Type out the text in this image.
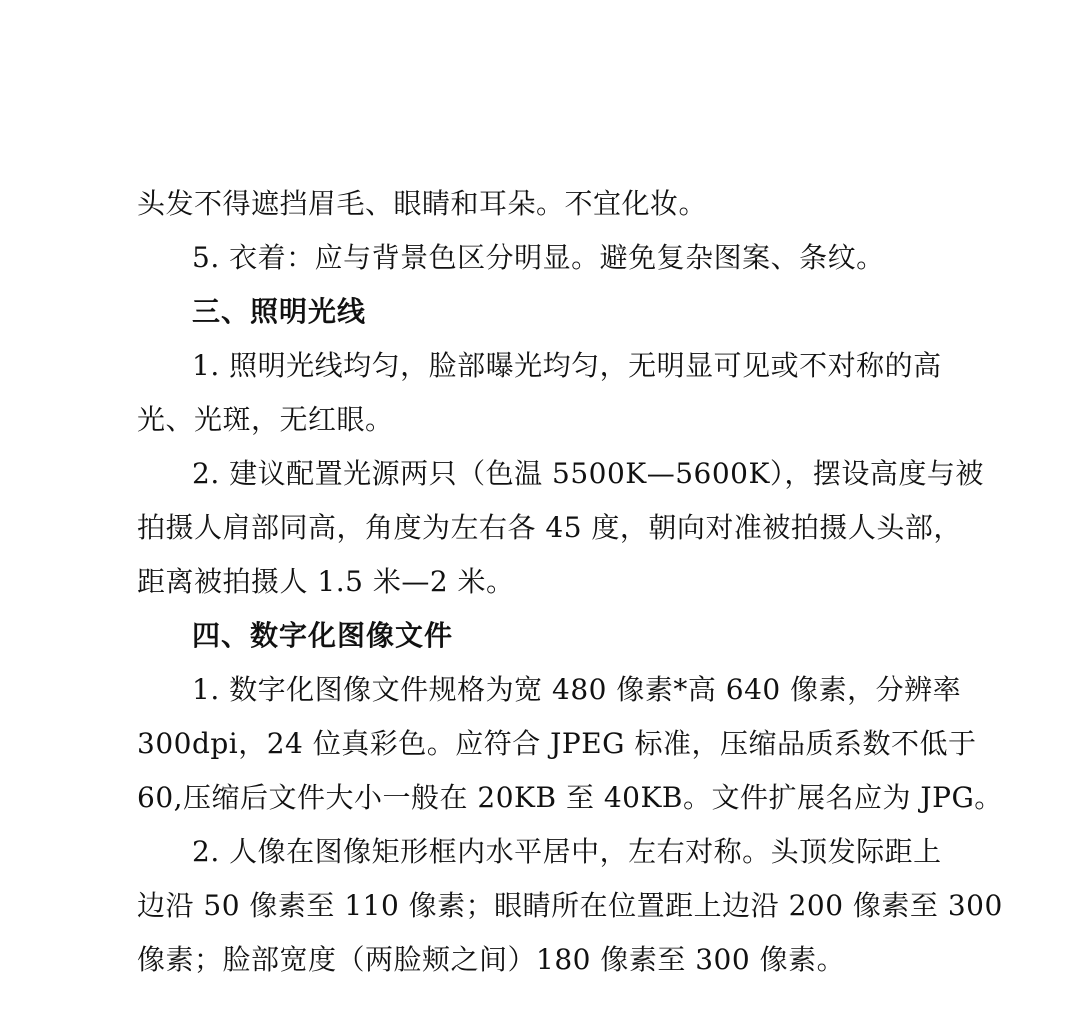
头发不得遮挡眉毛、眼睛和耳朵。不宜化妆。
5. 衣着：应与背景色区分明显。避免复杂图案、条纹。
三、照明光线
1. 照明光线均匀，脸部曝光均匀，无明显可见或不对称的高
光、光斑，无红眼。
2. 建议配置光源两只（色温 5500K—5600K），摆设高度与被
拍摄人肩部同高，角度为左右各 45 度，朝向对准被拍摄人头部，
距离被拍摄人 1.5 米—2 米。
四、数字化图像文件
1. 数字化图像文件规格为宽 480 像素*高 640 像素，分辨率
300dpi，24 位真彩色。应符合 JPEG 标准，压缩品质系数不低于
60,压缩后文件大小一般在 20KB 至 40KB。文件扩展名应为 JPG。
2. 人像在图像矩形框内水平居中，左右对称。头顶发际距上
边沿 50 像素至 110 像素；眼睛所在位置距上边沿 200 像素至 300
像素；脸部宽度（两脸颊之间）180 像素至 300 像素。
